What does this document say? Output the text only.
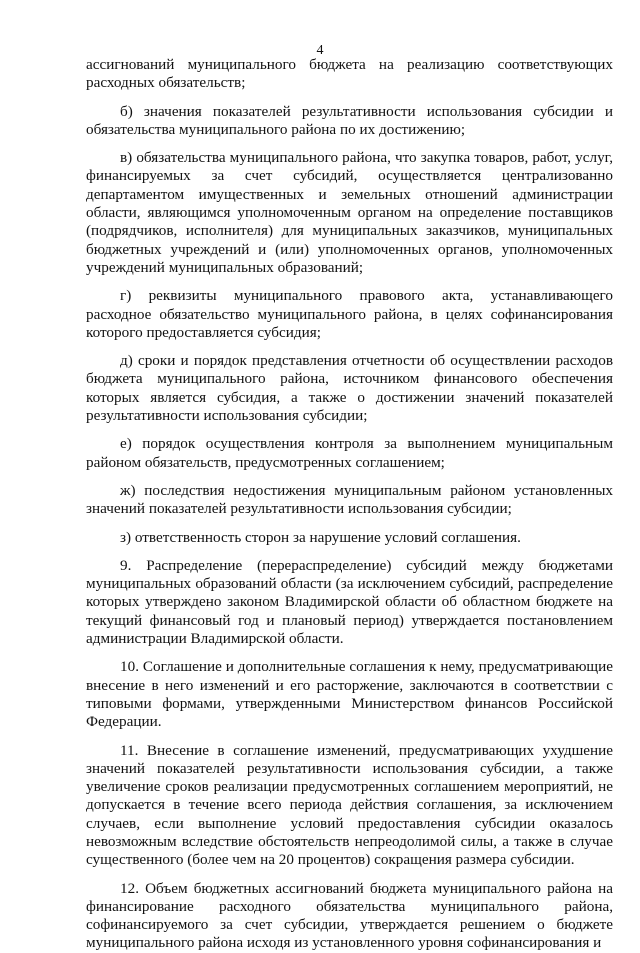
4

ассигнований муниципального бюджета на реализацию соответствующих расходных обязательств;

б) значения показателей результативности использования субсидии и обязательства муниципального района по их достижению;

в) обязательства муниципального района, что закупка товаров, работ, услуг, финансируемых за счет субсидий, осуществляется централизованно департаментом имущественных и земельных отношений администрации области, являющимся уполномоченным органом на определение поставщиков (подрядчиков, исполнителя) для муниципальных заказчиков, муниципальных бюджетных учреждений и (или) уполномоченных органов, уполномоченных учреждений муниципальных образований;

г) реквизиты муниципального правового акта, устанавливающего расходное обязательство муниципального района, в целях софинансирования которого предоставляется субсидия;

д) сроки и порядок представления отчетности об осуществлении расходов бюджета муниципального района, источником финансового обеспечения которых является субсидия, а также о достижении значений показателей результативности использования субсидии;

е) порядок осуществления контроля за выполнением муниципальным районом обязательств, предусмотренных соглашением;

ж) последствия недостижения муниципальным районом установленных значений показателей результативности использования субсидии;

з) ответственность сторон за нарушение условий соглашения.

9. Распределение (перераспределение) субсидий между бюджетами муниципальных образований области (за исключением субсидий, распределение которых утверждено законом Владимирской области об областном бюджете на текущий финансовый год и плановый период) утверждается постановлением администрации Владимирской области.

10. Соглашение и дополнительные соглашения к нему, предусматривающие внесение в него изменений и его расторжение, заключаются в соответствии с типовыми формами, утвержденными Министерством финансов Российской Федерации.

11. Внесение в соглашение изменений, предусматривающих ухудшение значений показателей результативности использования субсидии, а также увеличение сроков реализации предусмотренных соглашением мероприятий, не допускается в течение всего периода действия соглашения, за исключением случаев, если выполнение условий предоставления субсидии оказалось невозможным вследствие обстоятельств непреодолимой силы, а также в случае существенного (более чем на 20 процентов) сокращения размера субсидии.

12. Объем бюджетных ассигнований бюджета муниципального района на финансирование расходного обязательства муниципального района, софинансируемого за счет субсидии, утверждается решением о бюджете муниципального района исходя из установленного уровня софинансирования и
